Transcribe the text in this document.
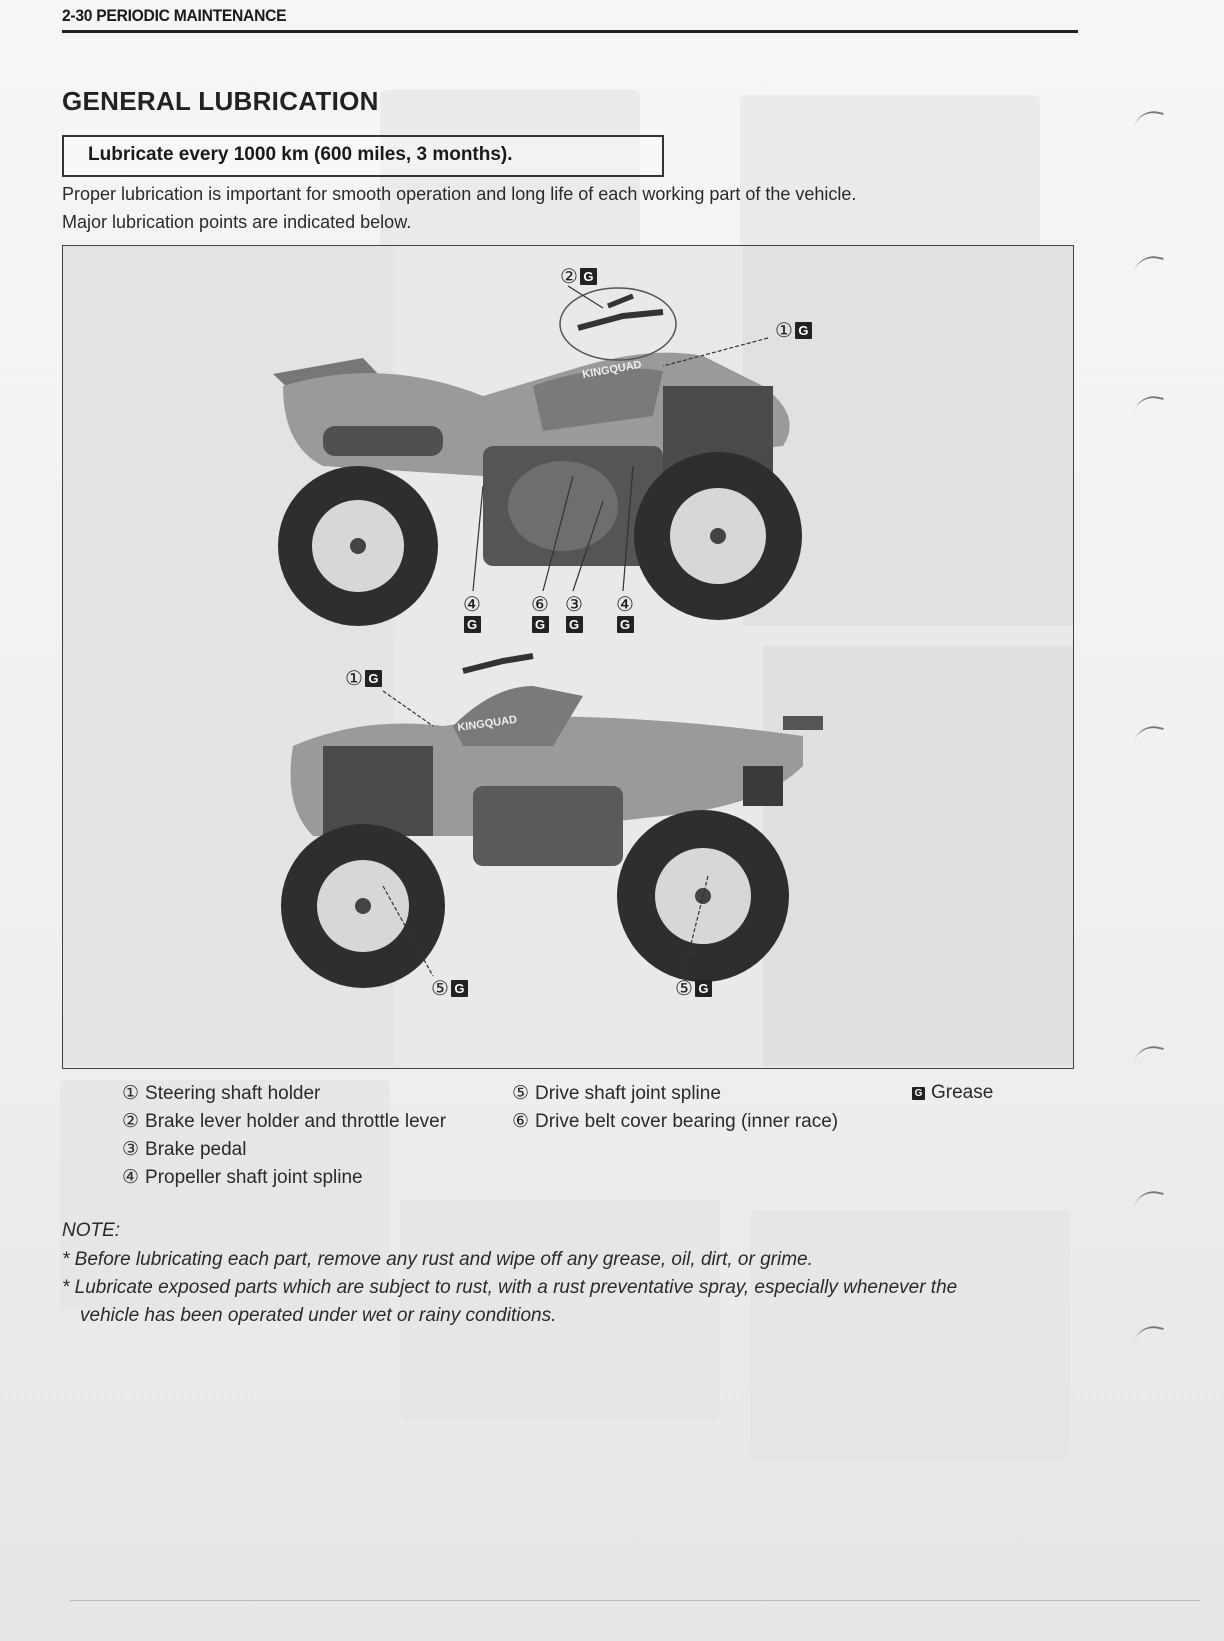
2-30 PERIODIC MAINTENANCE
GENERAL LUBRICATION
Lubricate every 1000 km (600 miles, 3 months).
Proper lubrication is important for smooth operation and long life of each working part of the vehicle.
Major lubrication points are indicated below.
KINGQUAD
KINGQUAD
② G
① G
④
G
⑥
G
③
G
④
G
① G
⑤ G	⑤ G
① Steering shaft holder
② Brake lever holder and throttle lever
③ Brake pedal
④ Propeller shaft joint spline
⑤ Drive shaft joint spline
⑥ Drive belt cover bearing (inner race)
G Grease
NOTE:
* Before lubricating each part, remove any rust and wipe off any grease, oil, dirt, or grime.
* Lubricate exposed parts which are subject to rust, with a rust preventative spray, especially whenever the
vehicle has been operated under wet or rainy conditions.
